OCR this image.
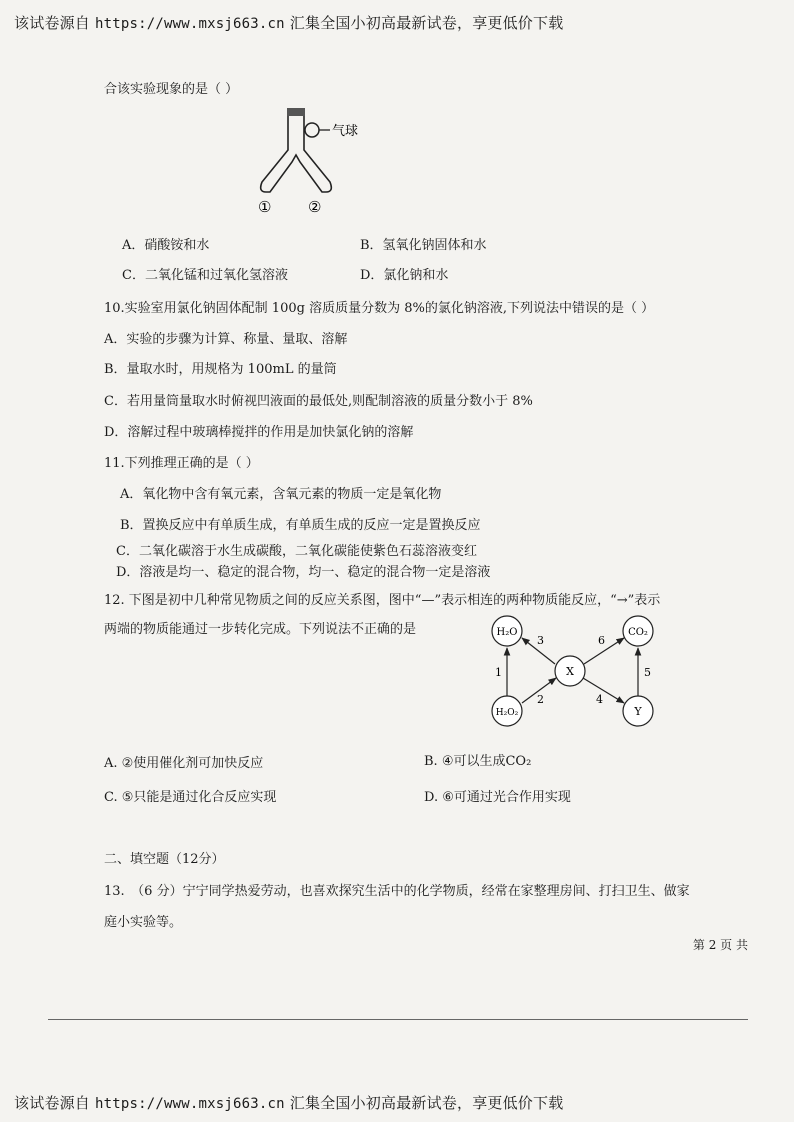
该试卷源自 https://www.mxsj663.cn 汇集全国小初高最新试卷，享更低价下载
合该实验现象的是（ ）
气球
① ②
A．硝酸铵和水	B．氢氧化钠固体和水
C．二氧化锰和过氧化氢溶液	D．氯化钠和水
10.实验室用氯化钠固体配制 100g 溶质质量分数为 8%的氯化钠溶液,下列说法中错误的是（ ）
A．实验的步骤为计算、称量、量取、溶解
B．量取水时，用规格为 100mL 的量筒
C．若用量筒量取水时俯视凹液面的最低处,则配制溶液的质量分数小于 8%
D．溶解过程中玻璃棒搅拌的作用是加快氯化钠的溶解
11.下列推理正确的是（ ）
A．氧化物中含有氧元素，含氧元素的物质一定是氧化物
B．置换反应中有单质生成，有单质生成的反应一定是置换反应
C．二氧化碳溶于水生成碳酸，二氧化碳能使紫色石蕊溶液变红
D．溶液是均一、稳定的混合物，均一、稳定的混合物一定是溶液
12. 下图是初中几种常见物质之间的反应关系图，图中“—”表示相连的两种物质能反应，“→”表示
两端的物质能通过一步转化完成。下列说法不正确的是
1
2
3
4
5
6
H₂O	CO₂
X
H₂O₂	Y
A. ②使用催化剂可加快反应	B. ④可以生成CO₂
C. ⑤只能是通过化合反应实现	D. ⑥可通过光合作用实现
二、填空题（12分）
13.　（6 分）宁宁同学热爱劳动，也喜欢探究生活中的化学物质，经常在家整理房间、打扫卫生、做家
庭小实验等。
第 2 页 共
该试卷源自 https://www.mxsj663.cn 汇集全国小初高最新试卷，享更低价下载
